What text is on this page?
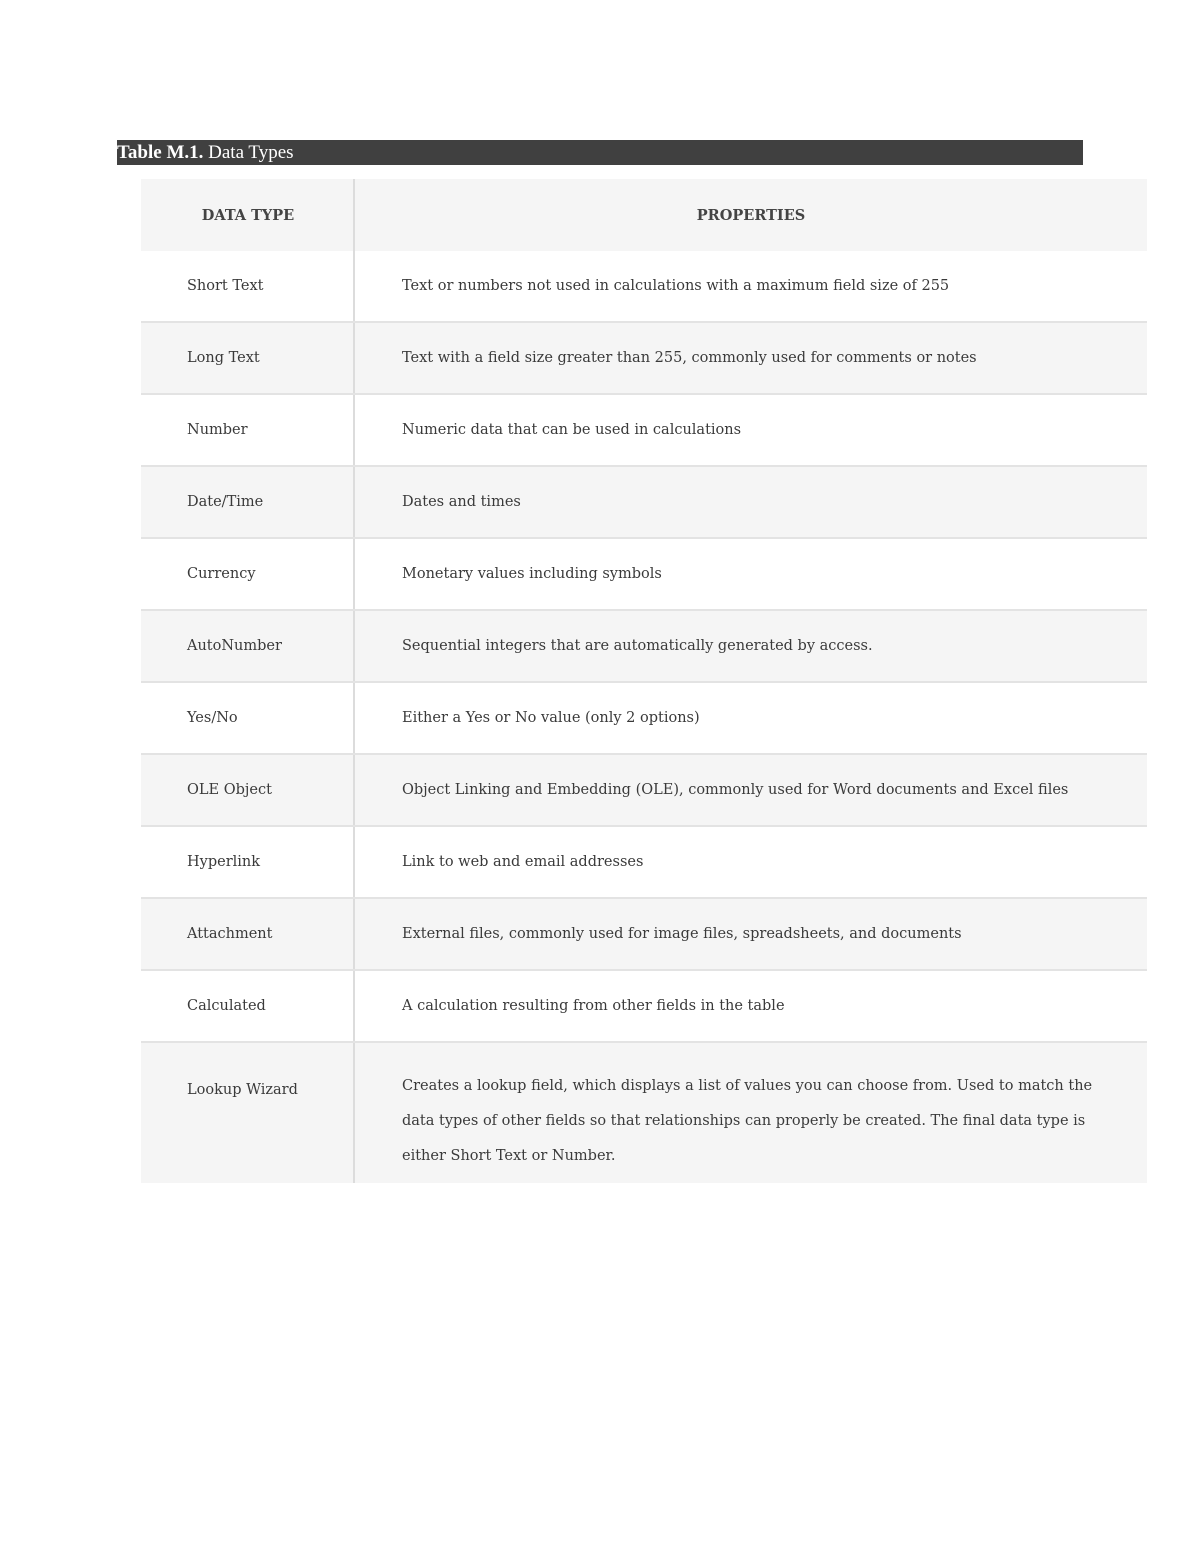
Table M.1. Data Types
DATA TYPE	PROPERTIES
Short Text	Text or numbers not used in calculations with a maximum field size of 255
Long Text	Text with a field size greater than 255, commonly used for comments or notes
Number	Numeric data that can be used in calculations
Date/Time	Dates and times
Currency	Monetary values including symbols
AutoNumber	Sequential integers that are automatically generated by access.
Yes/No	Either a Yes or No value (only 2 options)
OLE Object	Object Linking and Embedding (OLE), commonly used for Word documents and Excel files
Hyperlink	Link to web and email addresses
Attachment	External files, commonly used for image files, spreadsheets, and documents
Calculated	A calculation resulting from other fields in the table
Lookup Wizard	Creates a lookup field, which displays a list of values you can choose from. Used to match the data types of other fields so that relationships can properly be created. The final data type is either Short Text or Number.
